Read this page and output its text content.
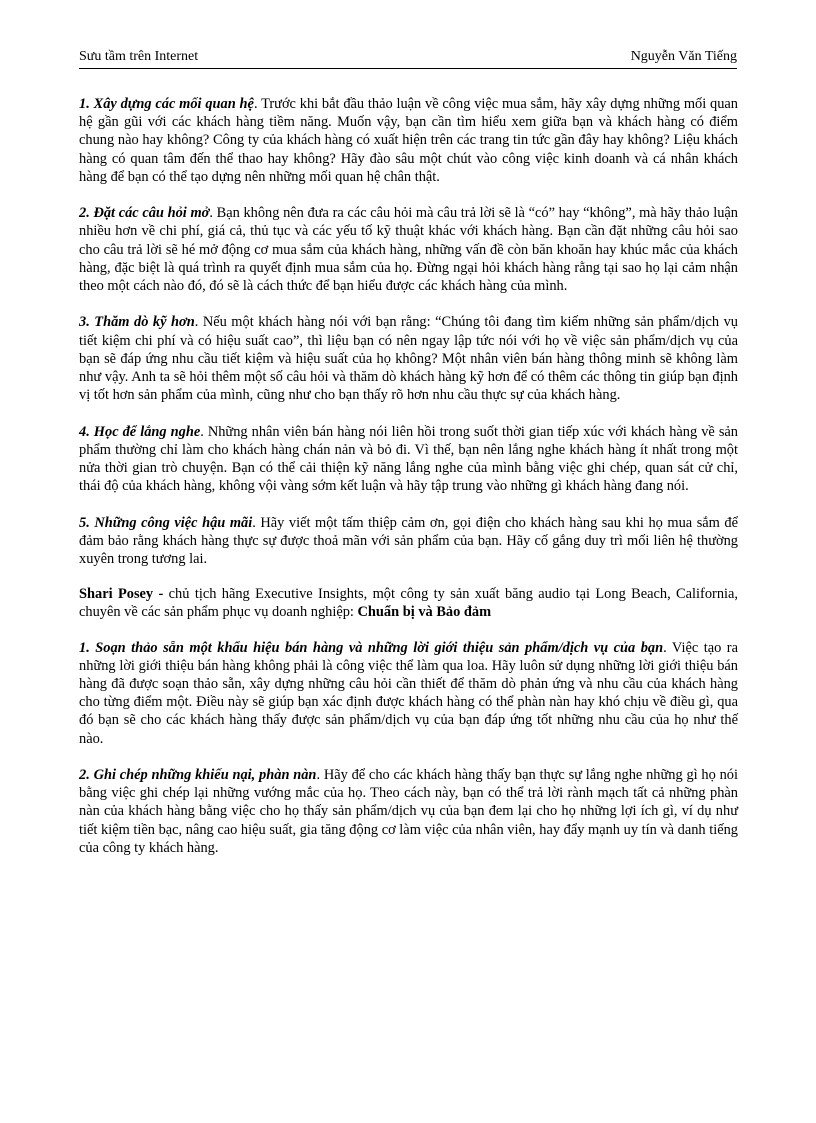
Sưu tầm trên Internet	Nguyễn Văn Tiếng

1. Xây dựng các mối quan hệ. Trước khi bắt đầu thảo luận về công việc mua sắm, hãy xây dựng những mối quan hệ gần gũi với các khách hàng tiềm năng. Muốn vậy, bạn cần tìm hiểu xem giữa bạn và khách hàng có điểm chung nào hay không? Công ty của khách hàng có xuất hiện trên các trang tin tức gần đây hay không? Liệu khách hàng có quan tâm đến thể thao hay không? Hãy đào sâu một chút vào công việc kinh doanh và cá nhân khách hàng để bạn có thể tạo dựng nên những mối quan hệ chân thật.

2. Đặt các câu hỏi mở. Bạn không nên đưa ra các câu hỏi mà câu trả lời sẽ là “có” hay “không”, mà hãy thảo luận nhiều hơn về chi phí, giá cả, thủ tục và các yếu tố kỹ thuật khác với khách hàng. Bạn cần đặt những câu hỏi sao cho câu trả lời sẽ hé mở động cơ mua sắm của khách hàng, những vấn đề còn băn khoăn hay khúc mắc của khách hàng, đặc biệt là quá trình ra quyết định mua sắm của họ. Đừng ngại hỏi khách hàng rằng tại sao họ lại cảm nhận theo một cách nào đó, đó sẽ là cách thức để bạn hiểu được các khách hàng của mình.

3. Thăm dò kỹ hơn. Nếu một khách hàng nói với bạn rằng: “Chúng tôi đang tìm kiếm những sản phẩm/dịch vụ tiết kiệm chi phí và có hiệu suất cao”, thì liệu bạn có nên ngay lập tức nói với họ về việc sản phẩm/dịch vụ của bạn sẽ đáp ứng nhu cầu tiết kiệm và hiệu suất của họ không? Một nhân viên bán hàng thông minh sẽ không làm như vậy. Anh ta sẽ hỏi thêm một số câu hỏi và thăm dò khách hàng kỹ hơn để có thêm các thông tin giúp bạn định vị tốt hơn sản phẩm của mình, cũng như cho bạn thấy rõ hơn nhu cầu thực sự của khách hàng.

4. Học để lắng nghe. Những nhân viên bán hàng nói liên hồi trong suốt thời gian tiếp xúc với khách hàng về sản phẩm thường chỉ làm cho khách hàng chán nản và bỏ đi. Vì thế, bạn nên lắng nghe khách hàng ít nhất trong một nửa thời gian trò chuyện. Bạn có thể cải thiện kỹ năng lắng nghe của mình bằng việc ghi chép, quan sát cử chỉ, thái độ của khách hàng, không vội vàng sớm kết luận và hãy tập trung vào những gì khách hàng đang nói.

5. Những công việc hậu mãi. Hãy viết một tấm thiệp cảm ơn, gọi điện cho khách hàng sau khi họ mua sắm để đảm bảo rằng khách hàng thực sự được thoả mãn với sản phẩm của bạn. Hãy cố gắng duy trì mối liên hệ thường xuyên trong tương lai.

Shari Posey - chủ tịch hãng Executive Insights, một công ty sản xuất băng audio tại Long Beach, California, chuyên về các sản phẩm phục vụ doanh nghiệp: Chuẩn bị và Bảo đảm

1. Soạn thảo sẵn một khẩu hiệu bán hàng và những lời giới thiệu sản phẩm/dịch vụ của bạn. Việc tạo ra những lời giới thiệu bán hàng không phải là công việc thể làm qua loa. Hãy luôn sử dụng những lời giới thiệu bán hàng đã được soạn thảo sẵn, xây dựng những câu hỏi cần thiết để thăm dò phản ứng và nhu cầu của khách hàng cho từng điểm một. Điều này sẽ giúp bạn xác định được khách hàng có thể phàn nàn hay khó chịu về điều gì, qua đó bạn sẽ cho các khách hàng thấy được sản phẩm/dịch vụ của bạn đáp ứng tốt những nhu cầu của họ như thế nào.

2. Ghi chép những khiếu nại, phàn nàn. Hãy để cho các khách hàng thấy bạn thực sự lắng nghe những gì họ nói bằng việc ghi chép lại những vướng mắc của họ. Theo cách này, bạn có thể trả lời rành mạch tất cả những phàn nàn của khách hàng bằng việc cho họ thấy sản phẩm/dịch vụ của bạn đem lại cho họ những lợi ích gì, ví dụ như tiết kiệm tiền bạc, nâng cao hiệu suất, gia tăng động cơ làm việc của nhân viên, hay đẩy mạnh uy tín và danh tiếng của công ty khách hàng.
